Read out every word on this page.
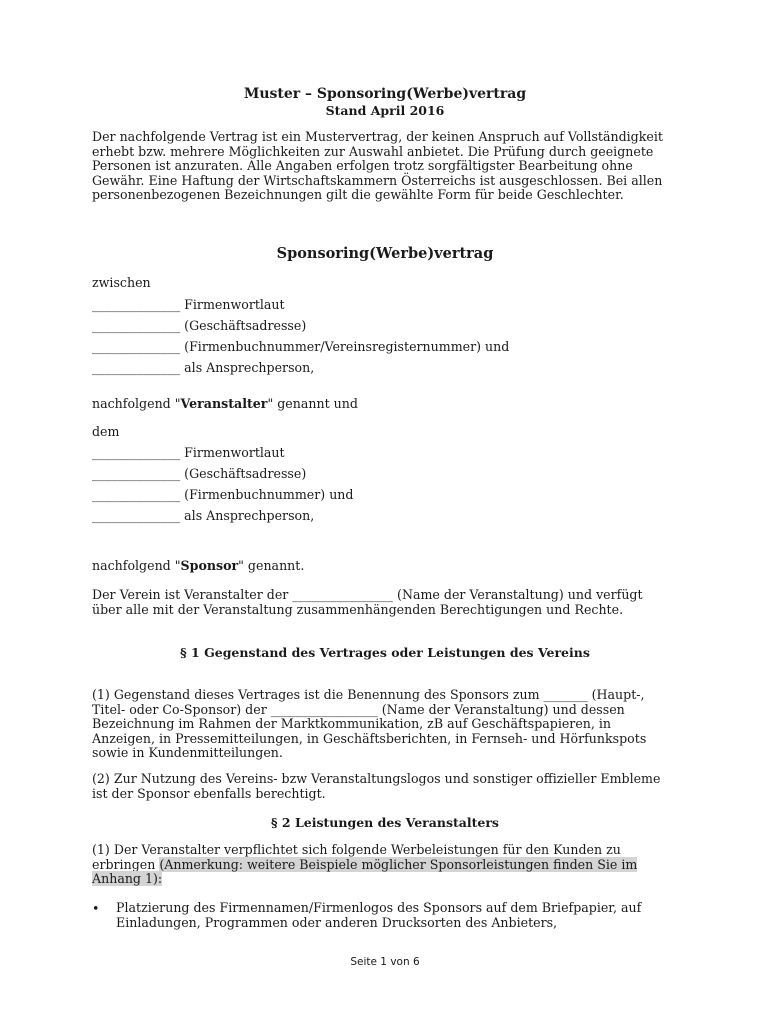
Muster – Sponsoring(Werbe)vertrag
Stand April 2016
Der nachfolgende Vertrag ist ein Mustervertrag, der keinen Anspruch auf Vollständigkeit erhebt bzw. mehrere Möglichkeiten zur Auswahl anbietet. Die Prüfung durch geeignete Personen ist anzuraten. Alle Angaben erfolgen trotz sorgfältigster Bearbeitung ohne Gewähr. Eine Haftung der Wirtschaftskammern Österreichs ist ausgeschlossen. Bei allen personenbezogenen Bezeichnungen gilt die gewählte Form für beide Geschlechter.
Sponsoring(Werbe)vertrag
zwischen
______________ Firmenwortlaut
______________ (Geschäftsadresse)
______________ (Firmenbuchnummer/Vereinsregisternummer) und
______________ als Ansprechperson,
nachfolgend "Veranstalter" genannt und
dem
______________ Firmenwortlaut
______________ (Geschäftsadresse)
______________ (Firmenbuchnummer) und
______________ als Ansprechperson,
nachfolgend "Sponsor" genannt.
Der Verein ist Veranstalter der ________________ (Name der Veranstaltung) und verfügt über alle mit der Veranstaltung zusammenhängenden Berechtigungen und Rechte.
§ 1 Gegenstand des Vertrages oder Leistungen des Vereins
(1) Gegenstand dieses Vertrages ist die Benennung des Sponsors zum _______ (Haupt-, Titel- oder Co-Sponsor) der _________________ (Name der Veranstaltung) und dessen Bezeichnung im Rahmen der Marktkommunikation, zB auf Geschäftspapieren, in Anzeigen, in Pressemitteilungen, in Geschäftsberichten, in Fernseh- und Hörfunkspots sowie in Kundenmitteilungen.
(2) Zur Nutzung des Vereins- bzw Veranstaltungslogos und sonstiger offizieller Embleme ist der Sponsor ebenfalls berechtigt.
§ 2 Leistungen des Veranstalters
(1) Der Veranstalter verpflichtet sich folgende Werbeleistungen für den Kunden zu erbringen (Anmerkung: weitere Beispiele möglicher Sponsorleistungen finden Sie im Anhang 1):
• Platzierung des Firmennamen/Firmenlogos des Sponsors auf dem Briefpapier, auf Einladungen, Programmen oder anderen Drucksorten des Anbieters,
Seite 1 von 6
